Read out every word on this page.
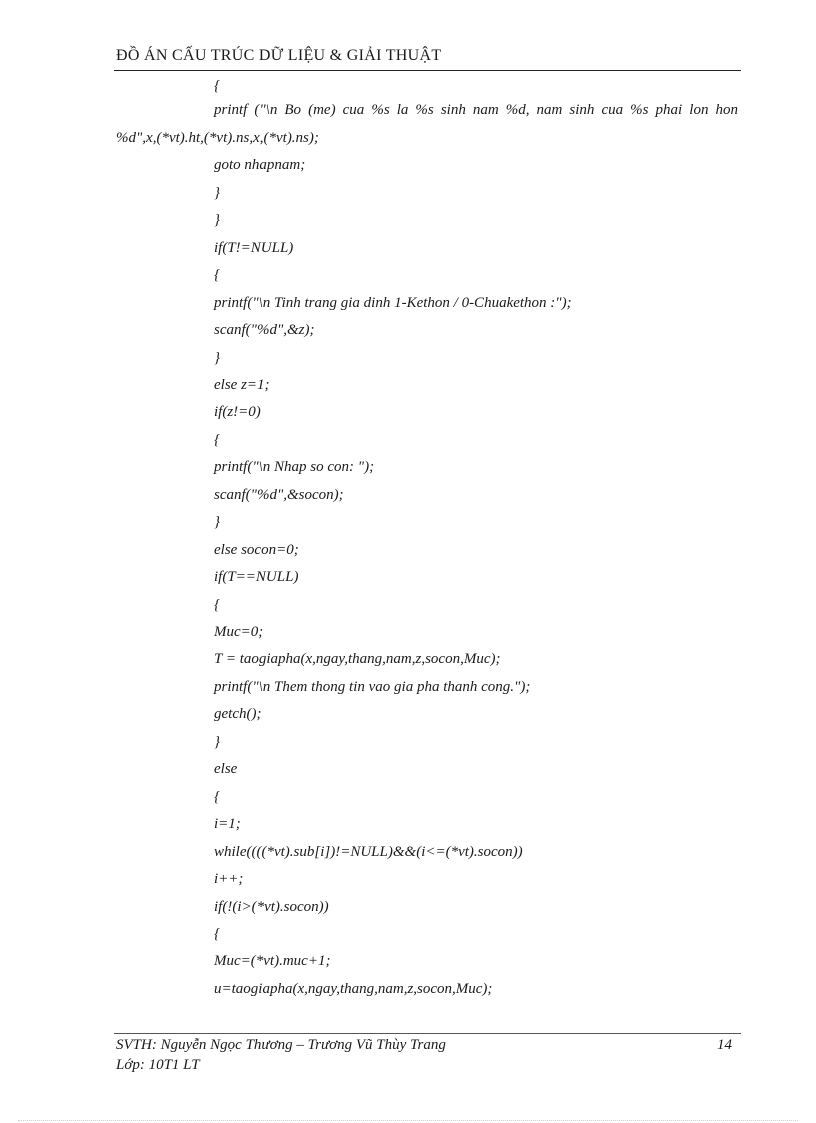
ĐỒ ÁN CẤU TRÚC DỮ LIỆU & GIẢI THUẬT
{
printf ("\n Bo (me) cua %s la %s sinh nam %d, nam sinh cua %s phai lon hon
%d",x,(*vt).ht,(*vt).ns,x,(*vt).ns);
goto nhapnam;
}
}
if(T!=NULL)
{
printf("\n Tinh trang gia dinh 1-Kethon / 0-Chuakethon :");
scanf("%d",&z);
}
else z=1;
if(z!=0)
{
printf("\n Nhap so con: ");
scanf("%d",&socon);
}
else socon=0;
if(T==NULL)
{
Muc=0;
T = taogiapha(x,ngay,thang,nam,z,socon,Muc);
printf("\n Them thong tin vao gia pha thanh cong.");
getch();
}
else
{
i=1;
while((((*vt).sub[i])!=NULL)&&(i<=(*vt).socon))
i++;
if(!(i>(*vt).socon))
{
Muc=(*vt).muc+1;
u=taogiapha(x,ngay,thang,nam,z,socon,Muc);
SVTH: Nguyễn Ngọc Thương – Trương Vũ Thùy Trang
Lớp: 10T1 LT
14
